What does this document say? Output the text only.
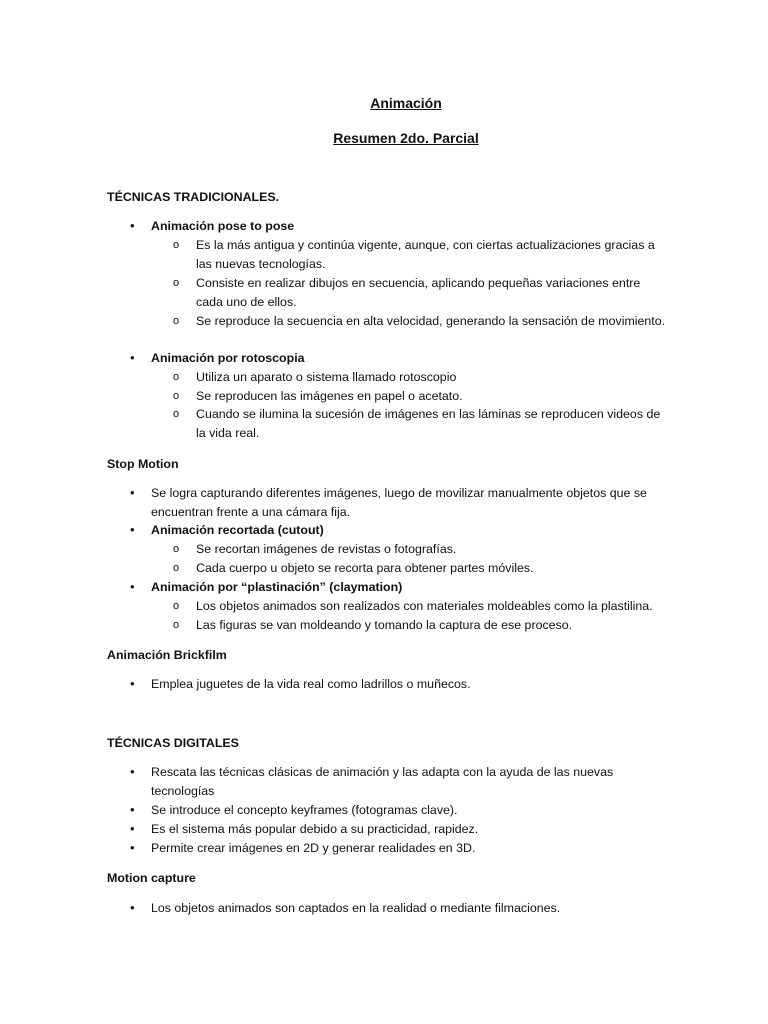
Animación
Resumen 2do. Parcial
TÉCNICAS TRADICIONALES.
• Animación pose to pose
o Es la más antigua y continúa vigente, aunque, con ciertas actualizaciones gracias a las nuevas tecnologías.
o Consiste en realizar dibujos en secuencia, aplicando pequeñas variaciones entre cada uno de ellos.
o Se reproduce la secuencia en alta velocidad, generando la sensación de movimiento.
• Animación por rotoscopia
o Utiliza un aparato o sistema llamado rotoscopio
o Se reproducen las imágenes en papel o acetato.
o Cuando se ilumina la sucesión de imágenes en las láminas se reproducen videos de la vida real.
Stop Motion
• Se logra capturando diferentes imágenes, luego de movilizar manualmente objetos que se encuentran frente a una cámara fija.
• Animación recortada (cutout)
o Se recortan imágenes de revistas o fotografías.
o Cada cuerpo u objeto se recorta para obtener partes móviles.
• Animación por “plastinación” (claymation)
o Los objetos animados son realizados con materiales moldeables como la plastilina.
o Las figuras se van moldeando y tomando la captura de ese proceso.
Animación Brickfilm
• Emplea juguetes de la vida real como ladrillos o muñecos.
TÉCNICAS DIGITALES
• Rescata las técnicas clásicas de animación y las adapta con la ayuda de las nuevas tecnologías
• Se introduce el concepto keyframes (fotogramas clave).
• Es el sistema más popular debido a su practicidad, rapidez.
• Permite crear imágenes en 2D y generar realidades en 3D.
Motion capture
• Los objetos animados son captados en la realidad o mediante filmaciones.
